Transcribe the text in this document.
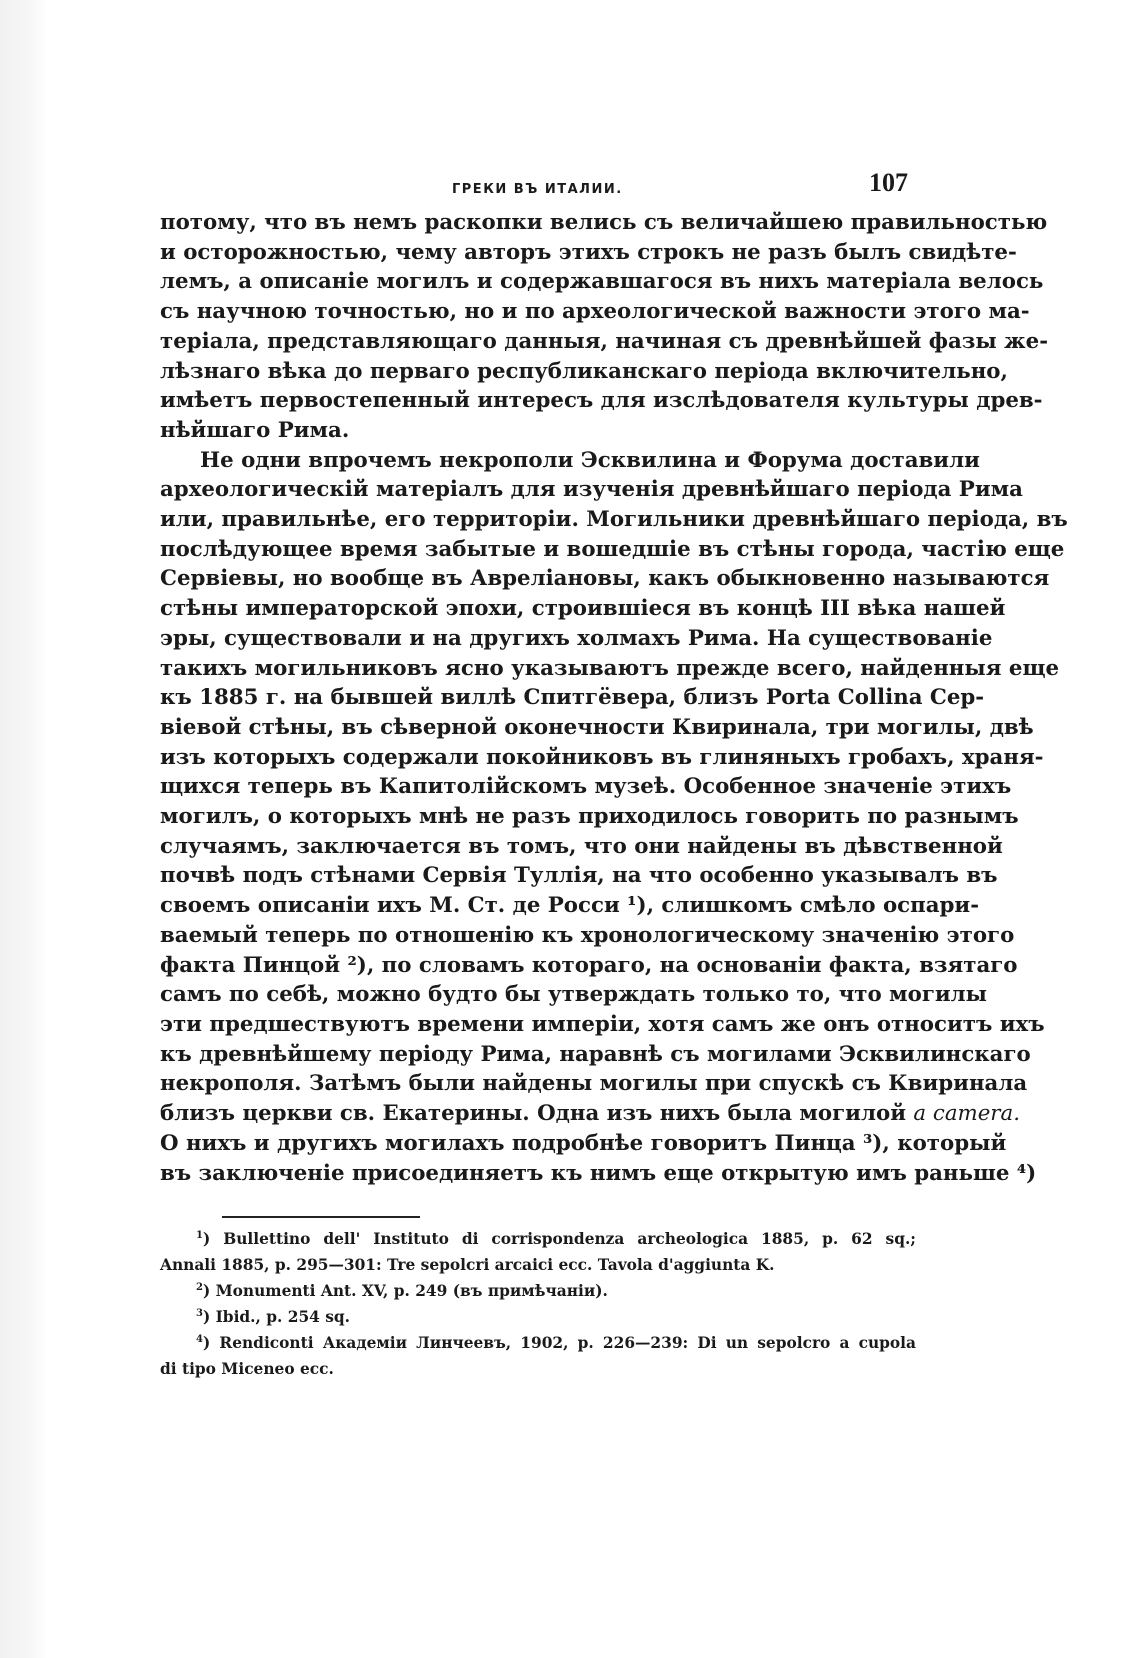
ГРЕКИ ВЪ ИТАЛИИ.	107

потому, что въ немъ раскопки велись съ величайшею правильностью
и осторожностью, чему авторъ этихъ строкъ не разъ былъ свидѣте-
лемъ, а описаніе могилъ и содержавшагося въ нихъ матеріала велось
съ научною точностью, но и по археологической важности этого ма-
теріала, представляющаго данныя, начиная съ древнѣйшей фазы же-
лѣзнаго вѣка до перваго республиканскаго періода включительно,
имѣетъ первостепенный интересъ для изслѣдователя культуры древ-
нѣйшаго Рима.

Не одни впрочемъ некрополи Эсквилина и Форума доставили
археологическій матеріалъ для изученія древнѣйшаго періода Рима
или, правильнѣе, его территоріи. Могильники древнѣйшаго періода, въ
послѣдующее время забытые и вошедшіе въ стѣны города, частію еще
Сервіевы, но вообще въ Авреліановы, какъ обыкновенно называются
стѣны императорской эпохи, строившіеся въ концѣ III вѣка нашей
эры, существовали и на другихъ холмахъ Рима. На существованіе
такихъ могильниковъ ясно указываютъ прежде всего, найденныя еще
къ 1885 г. на бывшей виллѣ Спитгёвера, близъ Porta Collina Сер-
віевой стѣны, въ сѣверной оконечности Квиринала, три могилы, двѣ
изъ которыхъ содержали покойниковъ въ глиняныхъ гробахъ, храня-
щихся теперь въ Капитолійскомъ музеѣ. Особенное значеніе этихъ
могилъ, о которыхъ мнѣ не разъ приходилось говорить по разнымъ
случаямъ, заключается въ томъ, что они найдены въ дѣвственной
почвѣ подъ стѣнами Сервія Туллія, на что особенно указывалъ въ
своемъ описаніи ихъ М. Ст. де Росси ¹), слишкомъ смѣло оспари-
ваемый теперь по отношенію къ хронологическому значенію этого
факта Пинцой ²), по словамъ котораго, на основаніи факта, взятаго
самъ по себѣ, можно будто бы утверждать только то, что могилы
эти предшествуютъ времени имперіи, хотя самъ же онъ относитъ ихъ
къ древнѣйшему періоду Рима, наравнѣ съ могилами Эсквилинскаго
некрополя. Затѣмъ были найдены могилы при спускѣ съ Квиринала
близъ церкви св. Екатерины. Одна изъ нихъ была могилой a camera.
О нихъ и другихъ могилахъ подробнѣе говоритъ Пинца ³), который
въ заключеніе присоединяетъ къ нимъ еще открытую имъ раньше ⁴)

$^1$) Bullettino dell' Instituto di corrispondenza archeologica 1885, p. 62 sq.;
Annali 1885, p. 295—301: Tre sepolcri arcaici ecc. Tavola d'aggiunta K.
$^2$) Monumenti Ant. XV, p. 249 (въ примѣчаніи).
$^3$) Ibid., p. 254 sq.
$^4$) Rendiconti Академіи Линчеевъ, 1902, p. 226—239: Di un sepolcro a cupola
di tipo Miceneo ecc.
